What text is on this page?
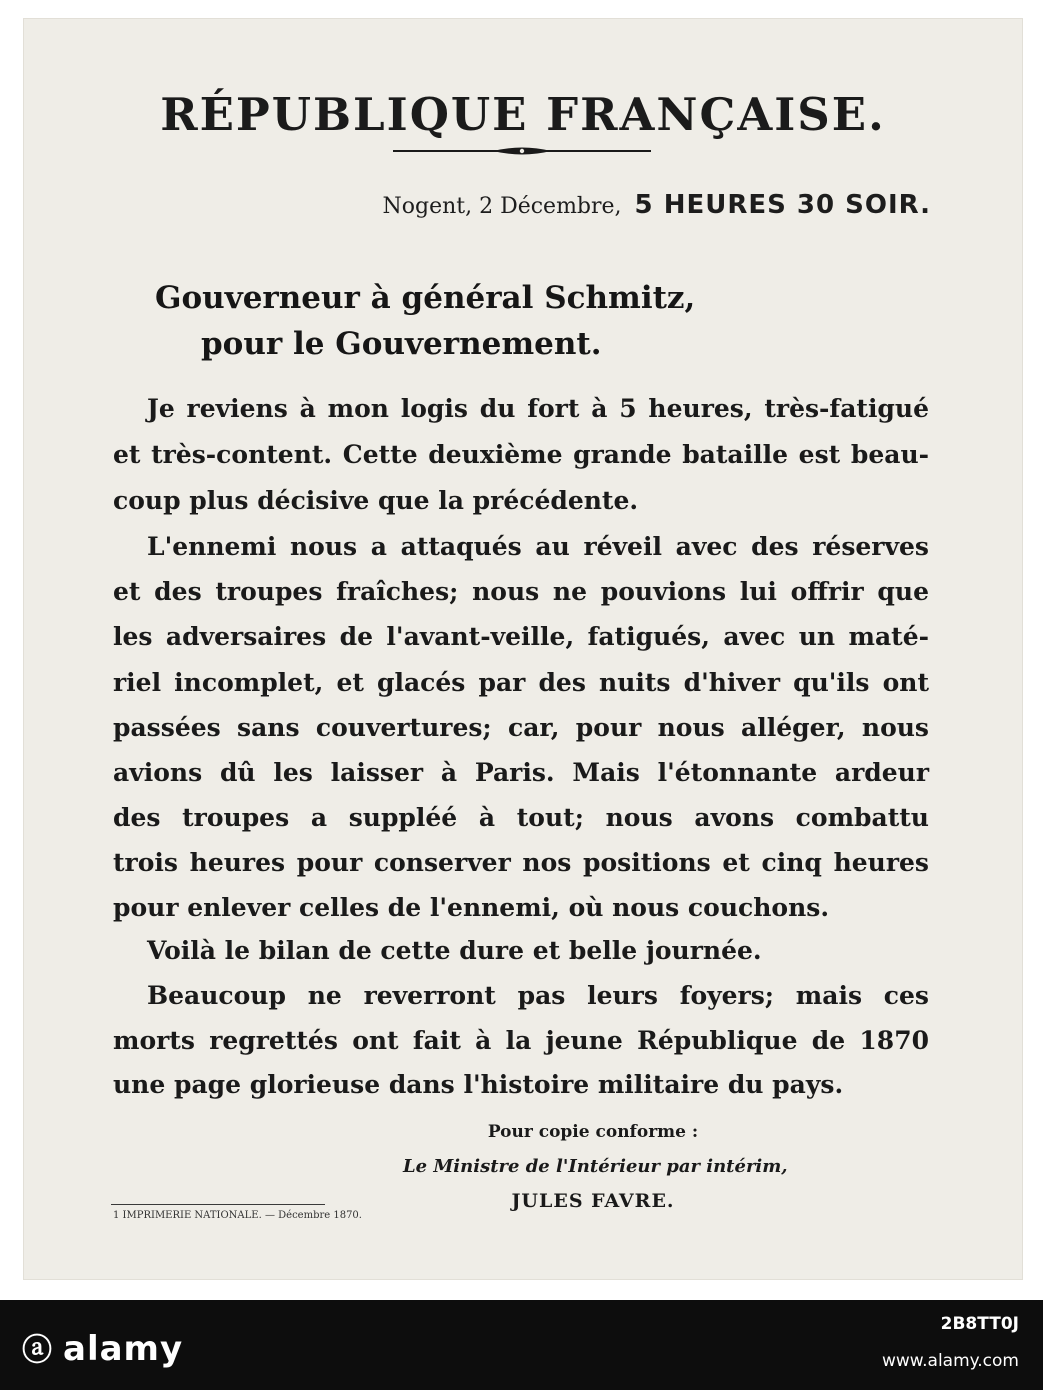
RÉPUBLIQUE FRANÇAISE.
Nogent, 2 Décembre, 5 HEURES 30 SOIR.
Gouverneur à général Schmitz,
pour le Gouvernement.
Je reviens à mon logis du fort à 5 heures, très-fatigué
et très-content. Cette deuxième grande bataille est beau-
coup plus décisive que la précédente.
L'ennemi nous a attaqués au réveil avec des réserves
et des troupes fraîches; nous ne pouvions lui offrir que
les adversaires de l'avant-veille, fatigués, avec un maté-
riel incomplet, et glacés par des nuits d'hiver qu'ils ont
passées sans couvertures; car, pour nous alléger, nous
avions dû les laisser à Paris. Mais l'étonnante ardeur
des troupes a suppléé à tout; nous avons combattu
trois heures pour conserver nos positions et cinq heures
pour enlever celles de l'ennemi, où nous couchons.
Voilà le bilan de cette dure et belle journée.
Beaucoup ne reverront pas leurs foyers; mais ces
morts regrettés ont fait à la jeune République de 1870
une page glorieuse dans l'histoire militaire du pays.
Pour copie conforme :
Le Ministre de l'Intérieur par intérim,
JULES FAVRE.
1 IMPRIMERIE NATIONALE. — Décembre 1870.
ⓐ alamy
2B8TT0J
www.alamy.com
